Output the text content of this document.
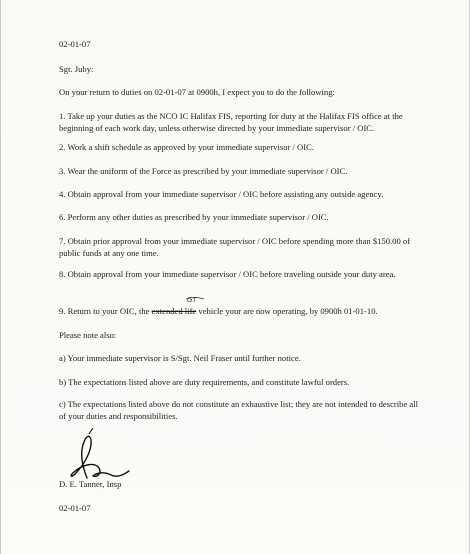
02-01-07
Sgt. Juby:
On your return to duties on 02-01-07 at 0900h, I expect you to do the following:
1. Take up your duties as the NCO IC Halifax FIS, reporting for duty at the Halifax FIS office at the beginning of each work day, unless otherwise directed by your immediate supervisor / OIC.
2. Work a shift schedule as approved by your immediate supervisor / OIC.
3. Wear the uniform of the Force as prescribed by your immediate supervisor / OIC.
4. Obtain approval from your immediate supervisor / OIC before assisting any outside agency.
6. Perform any other duties as prescribed by your immediate supervisor / OIC.
7. Obtain prior approval from your immediate supervisor / OIC before spending more than $150.00 of public funds at any one time.
8. Obtain approval from your immediate supervisor / OIC before traveling outside your duty area.
9. Return to your OIC, the extended life vehicle your are now operating, by 0900h 01-01-10.
GT
Please note also:
a) Your immediate supervisor is S/Sgt. Neil Fraser until further notice.
b) The expectations listed above are duty requirements, and constitute lawful orders.
c) The expectations listed above do not constitute an exhaustive list; they are not intended to describe all of your duties and responsibilities.
D. E. Tanner, Insp
02-01-07
